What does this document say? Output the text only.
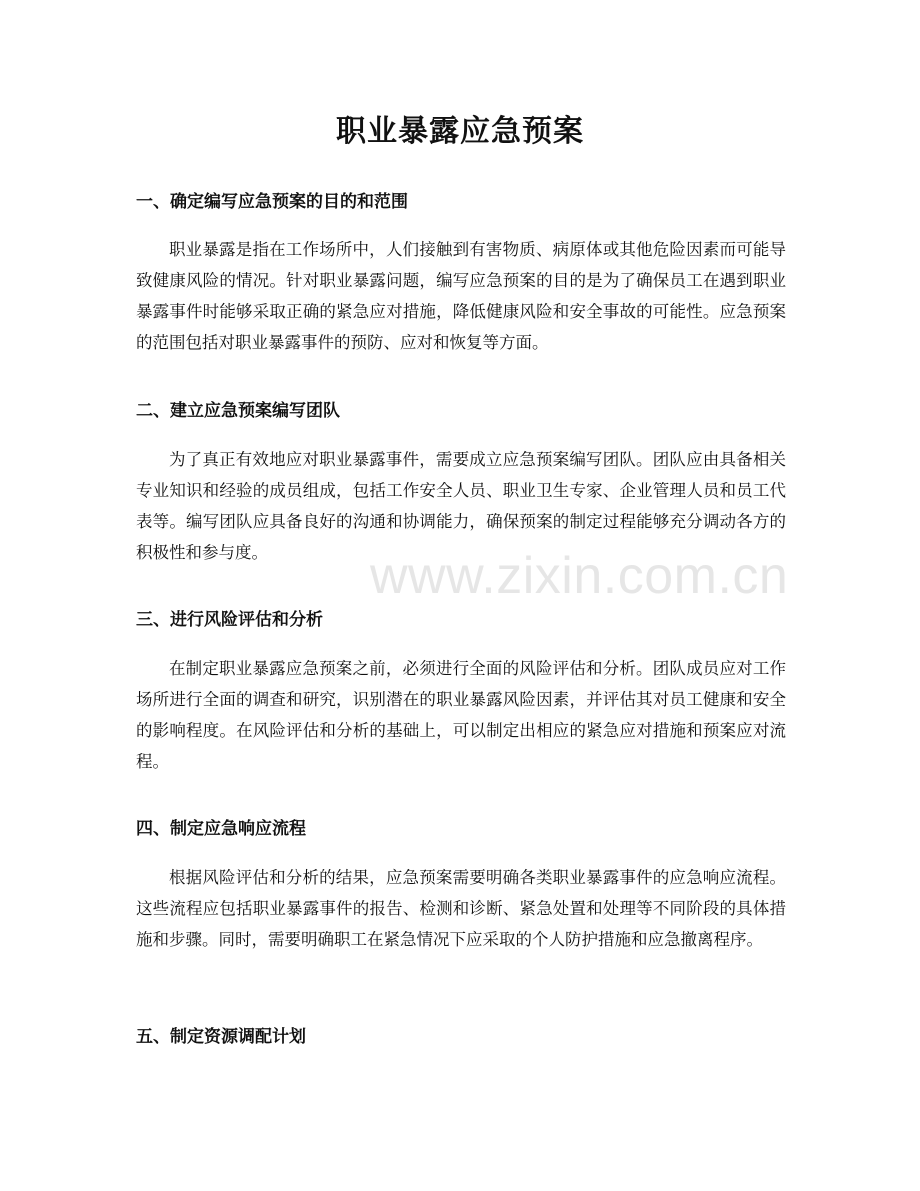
职业暴露应急预案
一、确定编写应急预案的目的和范围

职业暴露是指在工作场所中，人们接触到有害物质、病原体或其他危险因素而可能导致健康风险的情况。针对职业暴露问题，编写应急预案的目的是为了确保员工在遇到职业暴露事件时能够采取正确的紧急应对措施，降低健康风险和安全事故的可能性。应急预案的范围包括对职业暴露事件的预防、应对和恢复等方面。

二、建立应急预案编写团队

为了真正有效地应对职业暴露事件，需要成立应急预案编写团队。团队应由具备相关专业知识和经验的成员组成，包括工作安全人员、职业卫生专家、企业管理人员和员工代表等。编写团队应具备良好的沟通和协调能力，确保预案的制定过程能够充分调动各方的积极性和参与度。

三、进行风险评估和分析

在制定职业暴露应急预案之前，必须进行全面的风险评估和分析。团队成员应对工作场所进行全面的调查和研究，识别潜在的职业暴露风险因素，并评估其对员工健康和安全的影响程度。在风险评估和分析的基础上，可以制定出相应的紧急应对措施和预案应对流程。

四、制定应急响应流程

根据风险评估和分析的结果，应急预案需要明确各类职业暴露事件的应急响应流程。这些流程应包括职业暴露事件的报告、检测和诊断、紧急处置和处理等不同阶段的具体措施和步骤。同时，需要明确职工在紧急情况下应采取的个人防护措施和应急撤离程序。

五、制定资源调配计划
www.zixin.com.cn
